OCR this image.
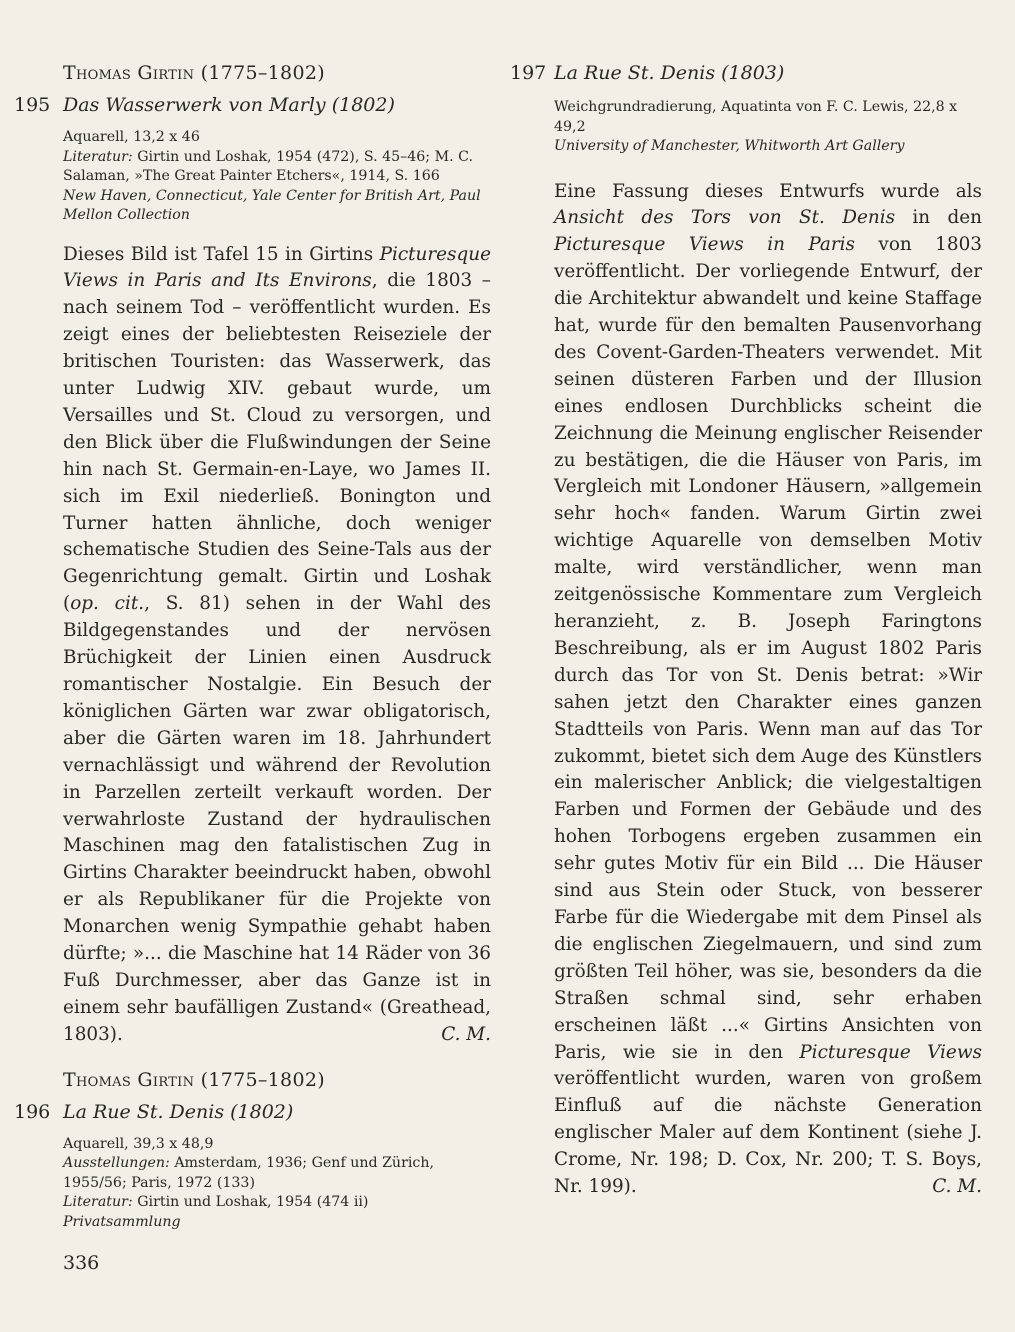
Thomas Girtin (1775–1802)
195 Das Wasserwerk von Marly (1802)

Aquarell, 13,2 x 46

Literatur: Girtin und Loshak, 1954 (472), S. 45–46; M. C. Salaman, »The Great Painter Etchers«, 1914, S. 166

New Haven, Connecticut, Yale Center for British Art, Paul Mellon Collection

Dieses Bild ist Tafel 15 in Girtins Picturesque Views in Paris and Its Environs, die 1803 – nach seinem Tod – veröffentlicht wurden. Es zeigt eines der beliebtesten Reiseziele der britischen Touristen: das Wasserwerk, das unter Ludwig XIV. gebaut wurde, um Versailles und St. Cloud zu versorgen, und den Blick über die Flußwindungen der Seine hin nach St. Germain-en-Laye, wo James II. sich im Exil niederließ. Bonington und Turner hatten ähnliche, doch weniger schematische Studien des Seine-Tals aus der Gegenrichtung gemalt. Girtin und Loshak (op. cit., S. 81) sehen in der Wahl des Bildgegenstandes und der nervösen Brüchigkeit der Linien einen Ausdruck romantischer Nostalgie. Ein Besuch der königlichen Gärten war zwar obligatorisch, aber die Gärten waren im 18. Jahrhundert vernachlässigt und während der Revolution in Parzellen zerteilt verkauft worden. Der verwahrloste Zustand der hydraulischen Maschinen mag den fatalistischen Zug in Girtins Charakter beeindruckt haben, obwohl er als Republikaner für die Projekte von Monarchen wenig Sympathie gehabt haben dürfte; »... die Maschine hat 14 Räder von 36 Fuß Durchmesser, aber das Ganze ist in einem sehr baufälligen Zustand« (Greathead, 1803).	C. M.
Thomas Girtin (1775–1802)
196 La Rue St. Denis (1802)

Aquarell, 39,3 x 48,9

Ausstellungen: Amsterdam, 1936; Genf und Zürich, 1955/56; Paris, 1972 (133)

Literatur: Girtin und Loshak, 1954 (474 ii)

Privatsammlung

197 La Rue St. Denis (1803)

Weichgrundradierung, Aquatinta von F. C. Lewis, 22,8 x 49,2

University of Manchester, Whitworth Art Gallery

Eine Fassung dieses Entwurfs wurde als Ansicht des Tors von St. Denis in den Picturesque Views in Paris von 1803 veröffentlicht. Der vorliegende Entwurf, der die Architektur abwandelt und keine Staffage hat, wurde für den bemalten Pausenvorhang des Covent-Garden-Theaters verwendet. Mit seinen düsteren Farben und der Illusion eines endlosen Durchblicks scheint die Zeichnung die Meinung englischer Reisender zu bestätigen, die die Häuser von Paris, im Vergleich mit Londoner Häusern, »allgemein sehr hoch« fanden. Warum Girtin zwei wichtige Aquarelle von demselben Motiv malte, wird verständlicher, wenn man zeitgenössische Kommentare zum Vergleich heranzieht, z. B. Joseph Faringtons Beschreibung, als er im August 1802 Paris durch das Tor von St. Denis betrat: »Wir sahen jetzt den Charakter eines ganzen Stadtteils von Paris. Wenn man auf das Tor zukommt, bietet sich dem Auge des Künstlers ein malerischer Anblick; die vielgestaltigen Farben und Formen der Gebäude und des hohen Torbogens ergeben zusammen ein sehr gutes Motiv für ein Bild ... Die Häuser sind aus Stein oder Stuck, von besserer Farbe für die Wiedergabe mit dem Pinsel als die englischen Ziegelmauern, und sind zum größten Teil höher, was sie, besonders da die Straßen schmal sind, sehr erhaben erscheinen läßt ...« Girtins Ansichten von Paris, wie sie in den Picturesque Views veröffentlicht wurden, waren von großem Einfluß auf die nächste Generation englischer Maler auf dem Kontinent (siehe J. Crome, Nr. 198; D. Cox, Nr. 200; T. S. Boys, Nr. 199).	C. M.
336
